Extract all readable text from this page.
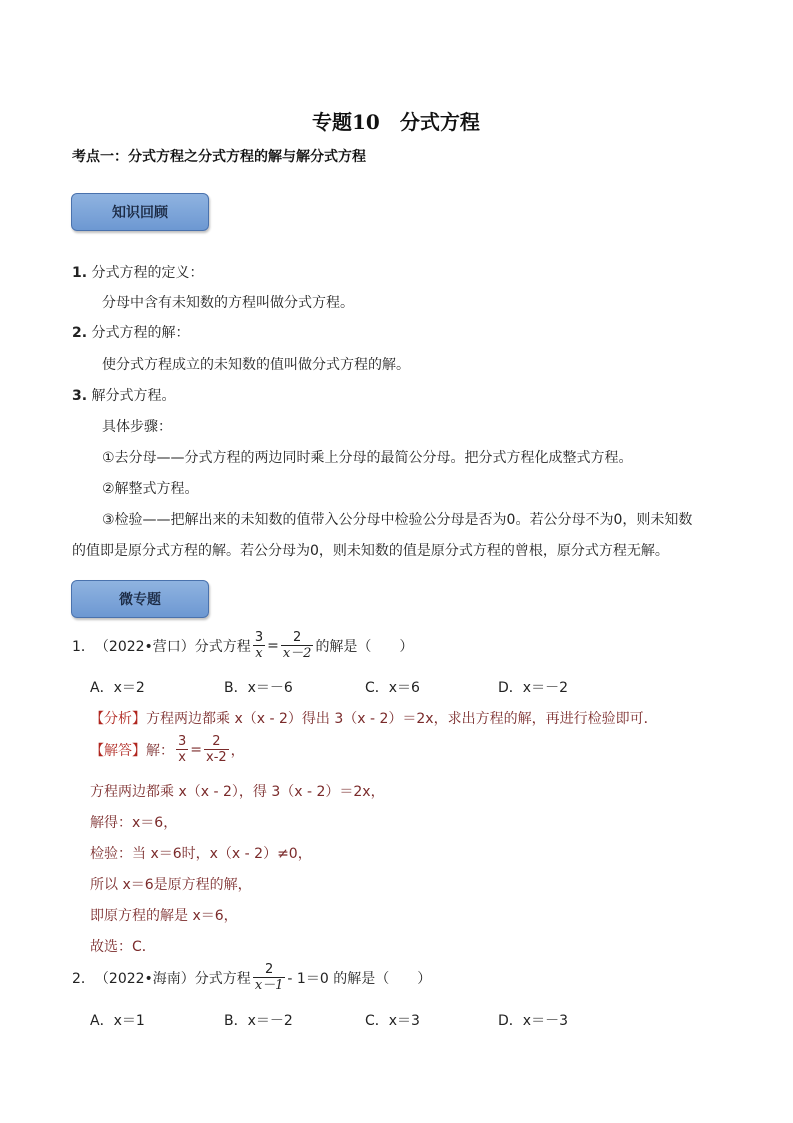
专题10　分式方程
考点一：分式方程之分式方程的解与解分式方程
知识回顾
1. 分式方程的定义：
分母中含有未知数的方程叫做分式方程。
2. 分式方程的解：
使分式方程成立的未知数的值叫做分式方程的解。
3. 解分式方程。
具体步骤：
①去分母——分式方程的两边同时乘上分母的最简公分母。把分式方程化成整式方程。
②解整式方程。
③检验——把解出来的未知数的值带入公分母中检验公分母是否为0。若公分母不为0，则未知数
的值即是原分式方程的解。若公分母为0，则未知数的值是原分式方程的曾根，原分式方程无解。
微专题
1． （2022•营口）分式方程 $\frac{3}{x} = \frac{2}{x-2}$ 的解是（　　）
A．x＝2	B．x＝－6	C．x＝6	D．x＝－2
【分析】方程两边都乘 x（x - 2）得出 3（x - 2）＝2x，求出方程的解，再进行检验即可．
【解答】 解： $\frac{3}{x} = \frac{2}{x-2}$ ，
方程两边都乘 x（x - 2），得 3（x - 2）＝2x，
解得：x＝6，
检验：当 x＝6时，x（x - 2）≠0，
所以 x＝6是原方程的解，
即原方程的解是 x＝6，
故选：C．
2． （2022•海南）分式方程 $\frac{2}{x-1} - 1=0$ 的解是（　　）
A．x＝1	B．x＝－2	C．x＝3	D．x＝－3
